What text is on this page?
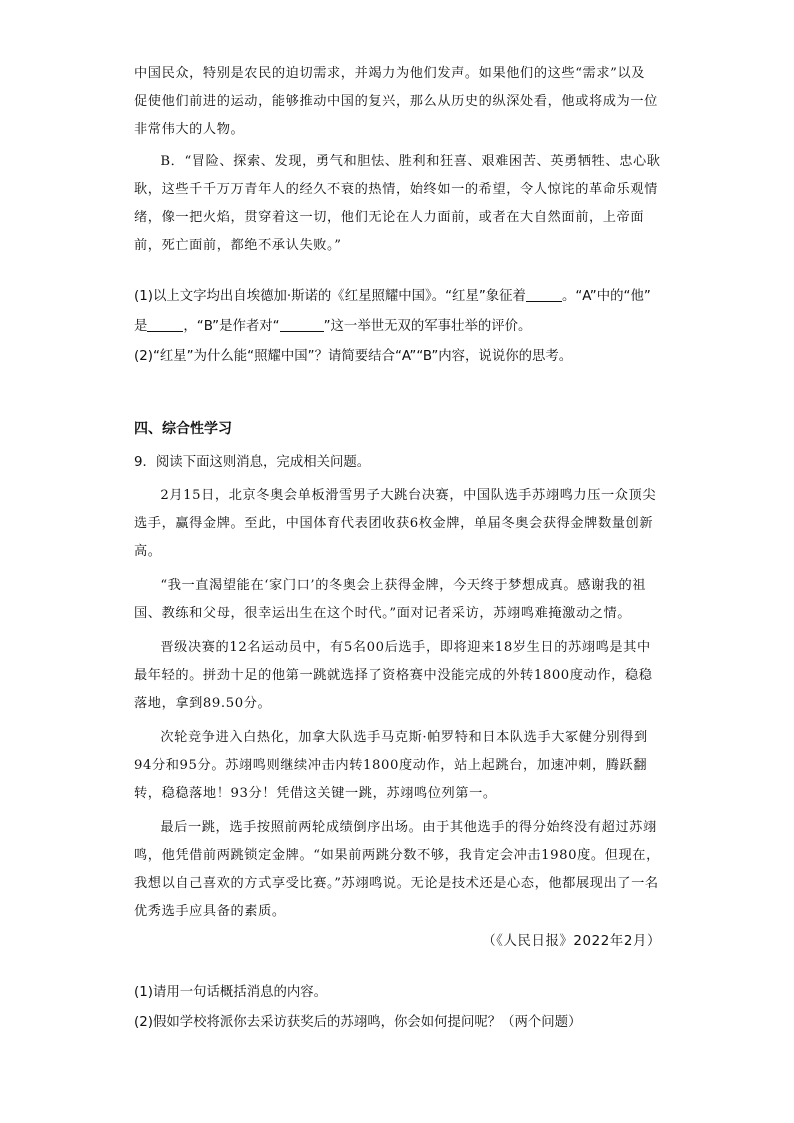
中国民众，特别是农民的迫切需求，并竭力为他们发声。如果他们的这些“需求”以及

促使他们前进的运动，能够推动中国的复兴，那么从历史的纵深处看，他或将成为一位

非常伟大的人物。

B．“冒险、探索、发现，勇气和胆怯、胜利和狂喜、艰难困苦、英勇牺牲、忠心耿耿，这些千千万万青年人的经久不衰的热情，始终如一的希望，令人惊诧的革命乐观情绪，像一把火焰，贯穿着这一切，他们无论在人力面前，或者在大自然面前，上帝面前，死亡面前，都绝不承认失败。”

(1)以上文字均出自埃德加·斯诺的《红星照耀中国》。“红星”象征着	。“A”中的“他”
是	，“B”是作者对“	”这一举世无双的军事壮举的评价。

(2)“红星”为什么能“照耀中国”？请简要结合“A”“B”内容，说说你的思考。

四、综合性学习

9．阅读下面这则消息，完成相关问题。

2月15日，北京冬奥会单板滑雪男子大跳台决赛，中国队选手苏翊鸣力压一众顶尖选手，赢得金牌。至此，中国体育代表团收获6枚金牌，单届冬奥会获得金牌数量创新高。

“我一直渴望能在‘家门口’的冬奥会上获得金牌，今天终于梦想成真。感谢我的祖国、教练和父母，很幸运出生在这个时代。”面对记者采访，苏翊鸣难掩激动之情。

晋级决赛的12名运动员中，有5名00后选手，即将迎来18岁生日的苏翊鸣是其中最年轻的。拼劲十足的他第一跳就选择了资格赛中没能完成的外转1800度动作，稳稳落地，拿到89.50分。

次轮竞争进入白热化，加拿大队选手马克斯·帕罗特和日本队选手大冢健分别得到94分和95分。苏翊鸣则继续冲击内转1800度动作，站上起跳台，加速冲刺，腾跃翻转，稳稳落地！93分！凭借这关键一跳，苏翊鸣位列第一。

最后一跳，选手按照前两轮成绩倒序出场。由于其他选手的得分始终没有超过苏翊鸣，他凭借前两跳锁定金牌。“如果前两跳分数不够，我肯定会冲击1980度。但现在，我想以自己喜欢的方式享受比赛。”苏翊鸣说。无论是技术还是心态，他都展现出了一名优秀选手应具备的素质。

（《人民日报》2022年2月）

(1)请用一句话概括消息的内容。

(2)假如学校将派你去采访获奖后的苏翊鸣，你会如何提问呢？（两个问题）
